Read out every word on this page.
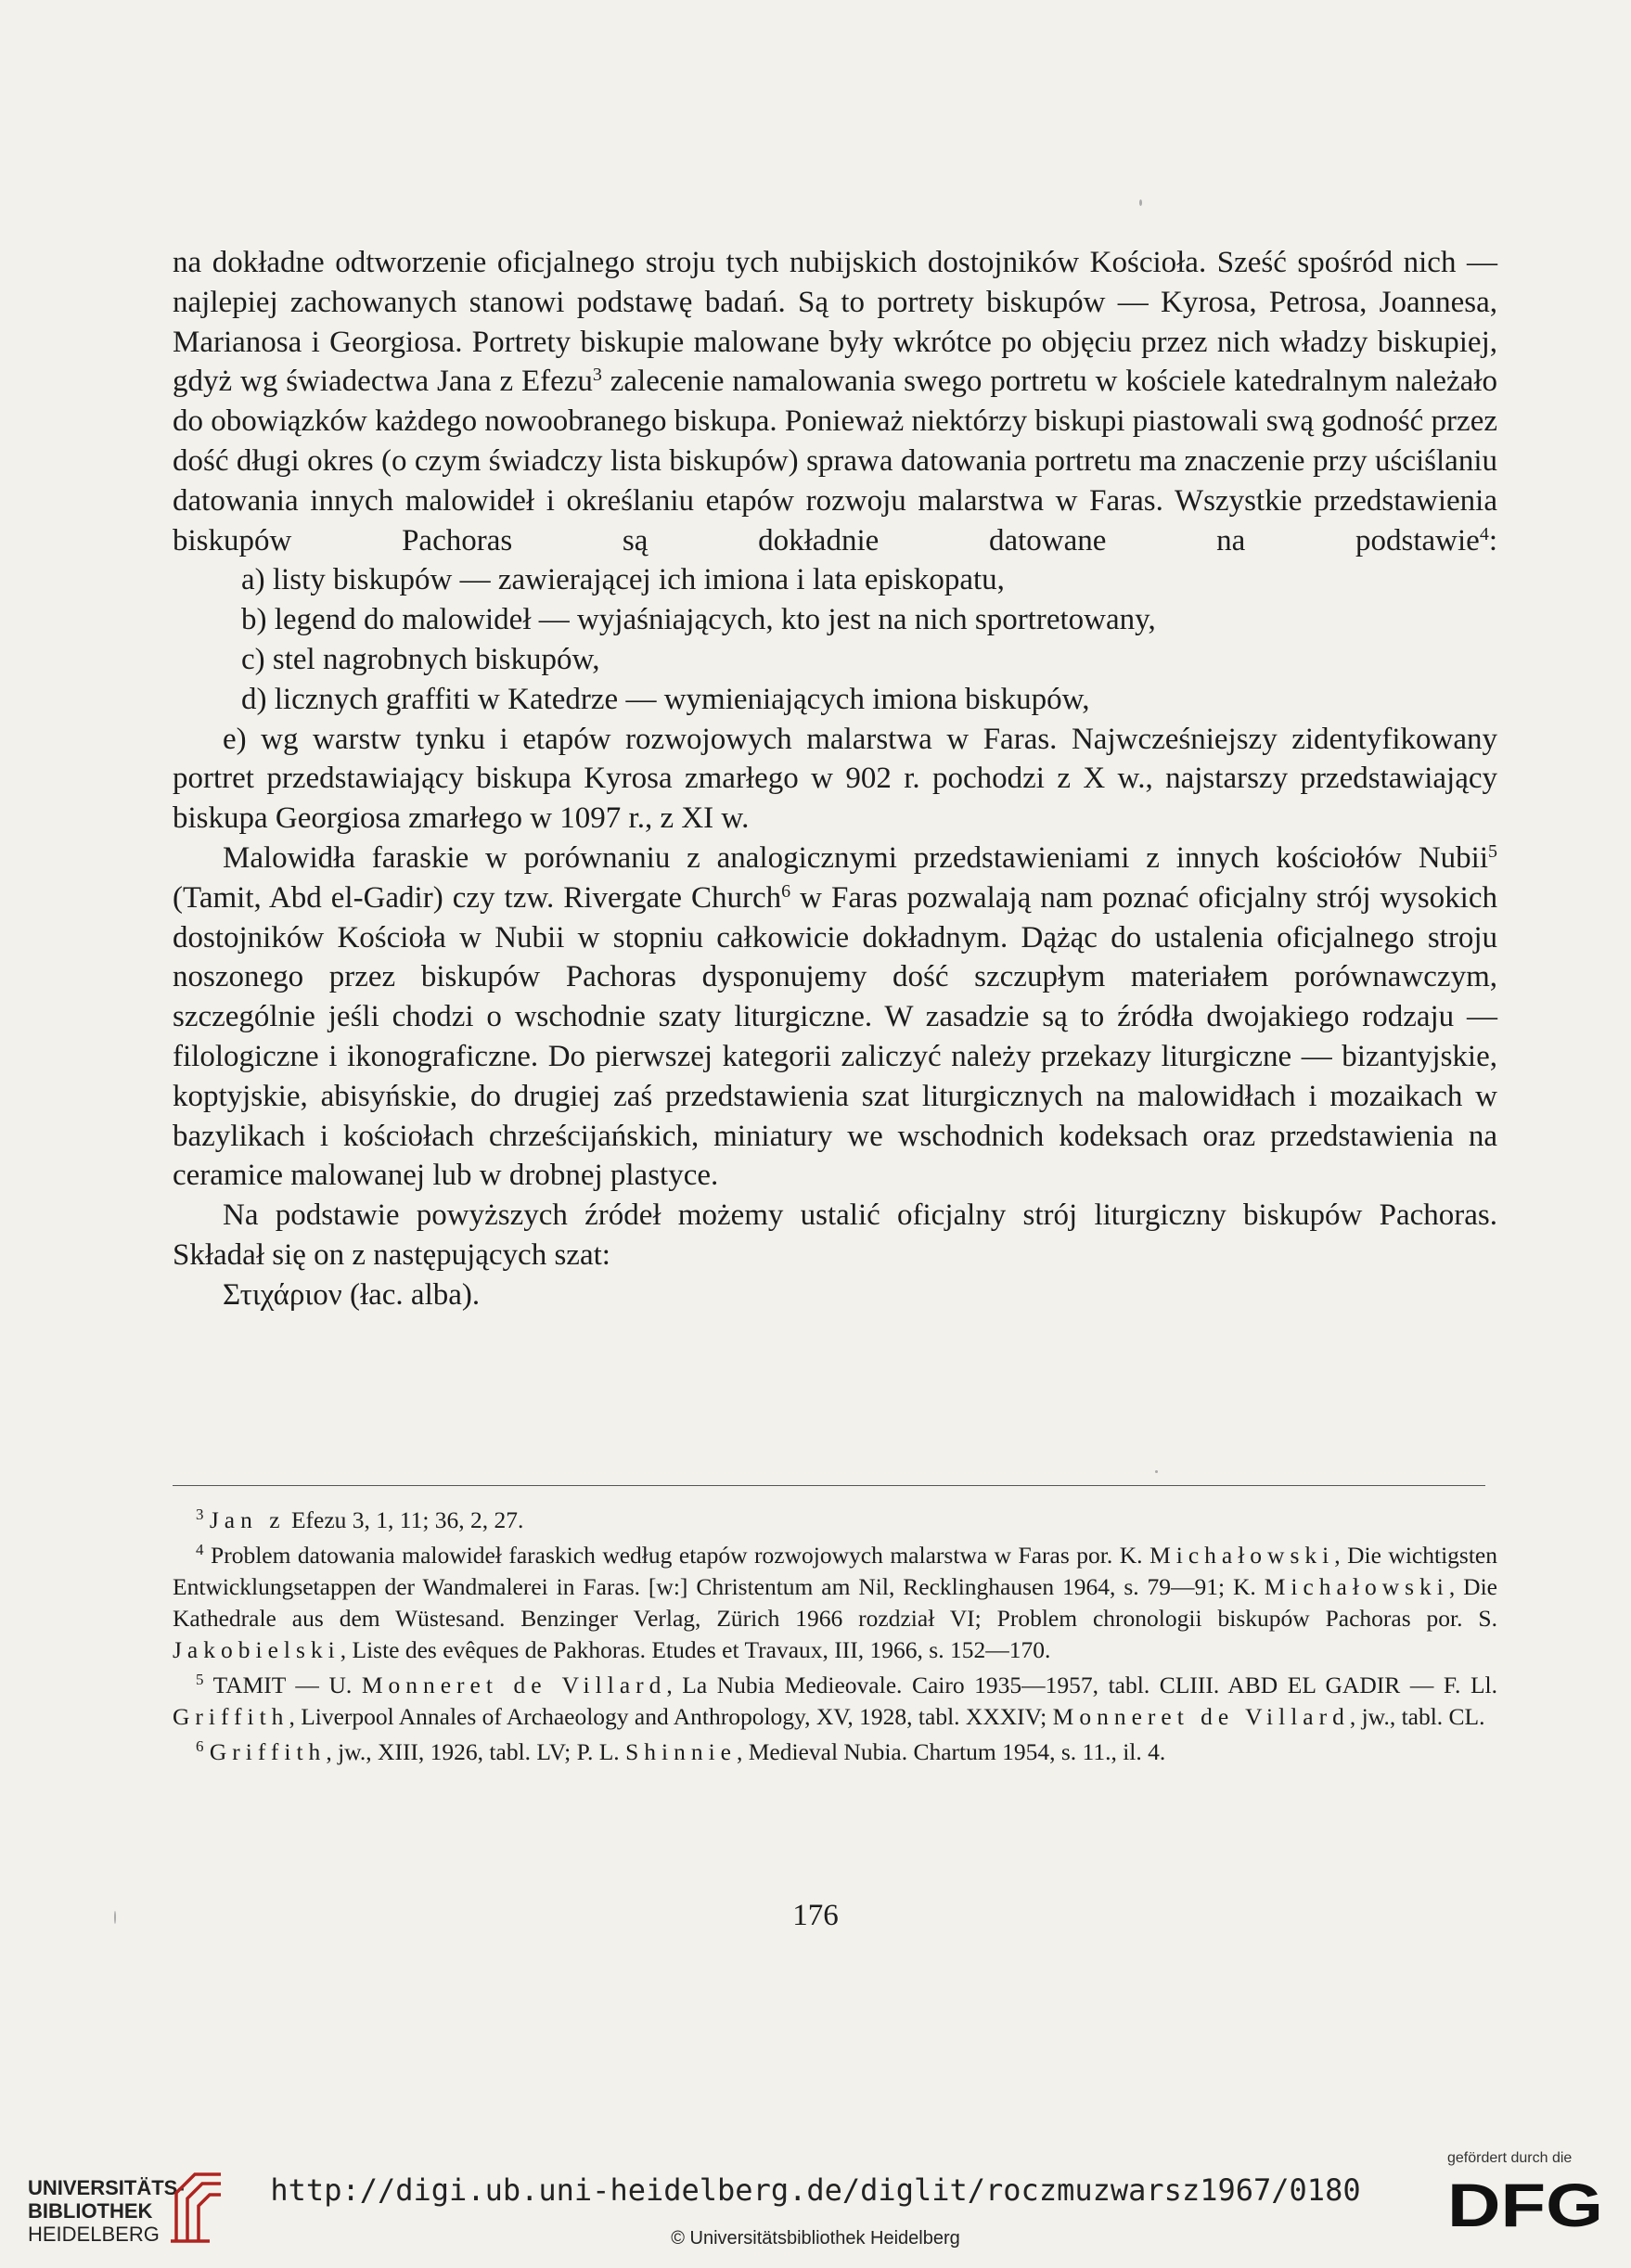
na dokładne odtworzenie oficjalnego stroju tych nubijskich dostojników Kościoła. Sześć spośród nich — najlepiej zachowanych stanowi podstawę badań. Są to portrety biskupów — Kyrosa, Petrosa, Joannesa, Marianosa i Georgiosa. Portrety biskupie malowane były wkrótce po objęciu przez nich władzy biskupiej, gdyż wg świadectwa Jana z Efezu$^3$ zalecenie namalowania swego portretu w kościele katedralnym należało do obowiązków każdego nowoobranego biskupa. Ponieważ niektórzy biskupi piastowali swą godność przez dość długi okres (o czym świadczy lista biskupów) sprawa datowania portretu ma znaczenie przy uściślaniu datowania innych malowideł i określaniu etapów rozwoju malarstwa w Faras. Wszystkie przedstawienia biskupów Pachoras są dokładnie datowane na podstawie$^4$:

a) listy biskupów — zawierającej ich imiona i lata episkopatu,

b) legend do malowideł — wyjaśniających, kto jest na nich sportretowany,

c) stel nagrobnych biskupów,

d) licznych graffiti w Katedrze — wymieniających imiona biskupów,

e) wg warstw tynku i etapów rozwojowych malarstwa w Faras. Najwcześniejszy zidentyfikowany portret przedstawiający biskupa Kyrosa zmarłego w 902 r. pochodzi z X w., najstarszy przedstawiający biskupa Georgiosa zmarłego w 1097 r., z XI w.

Malowidła faraskie w porównaniu z analogicznymi przedstawieniami z innych kościołów Nubii$^5$ (Tamit, Abd el-Gadir) czy tzw. Rivergate Church$^6$ w Faras pozwalają nam poznać oficjalny strój wysokich dostojników Kościoła w Nubii w stopniu całkowicie dokładnym. Dążąc do ustalenia oficjalnego stroju noszonego przez biskupów Pachoras dysponujemy dość szczupłym materiałem porównawczym, szczególnie jeśli chodzi o wschodnie szaty liturgiczne. W zasadzie są to źródła dwojakiego rodzaju — filologiczne i ikonograficzne. Do pierwszej kategorii zaliczyć należy przekazy liturgiczne — bizantyjskie, koptyjskie, abisyńskie, do drugiej zaś przedstawienia szat liturgicznych na malowidłach i mozaikach w bazylikach i kościołach chrześcijańskich, miniatury we wschodnich kodeksach oraz przedstawienia na ceramice malowanej lub w drobnej plastyce.

Na podstawie powyższych źródeł możemy ustalić oficjalny strój liturgiczny biskupów Pachoras. Składał się on z następujących szat:

Στιχάριον (łac. alba).

$^3$ Jan z Efezu 3, 1, 11; 36, 2, 27.

$^4$ Problem datowania malowideł faraskich według etapów rozwojowych malarstwa w Faras por. K. Michałowski, Die wichtigsten Entwicklungsetappen der Wandmalerei in Faras. [w:] Christentum am Nil, Recklinghausen 1964, s. 79—91; K. Michałowski, Die Kathedrale aus dem Wüstesand. Benzinger Verlag, Zürich 1966 rozdział VI; Problem chronologii biskupów Pachoras por. S. Jakobielski, Liste des evêques de Pakhoras. Etudes et Travaux, III, 1966, s. 152—170.

$^5$ TAMIT — U. Monneret de Villard, La Nubia Medieovale. Cairo 1935—1957, tabl. CLIII. ABD EL GADIR — F. Ll. Griffith, Liverpool Annales of Archaeology and Anthropology, XV, 1928, tabl. XXXIV; Monneret de Villard, jw., tabl. CL.

$^6$ Griffith, jw., XIII, 1926, tabl. LV; P. L. Shinnie, Medieval Nubia. Chartum 1954, s. 11., il. 4.

176
UNIVERSITÄTS-
BIBLIOTHEK
HEIDELBERG
http://digi.ub.uni-heidelberg.de/diglit/roczmuzwarsz1967/0180
© Universitätsbibliothek Heidelberg
gefördert durch die
DFG
